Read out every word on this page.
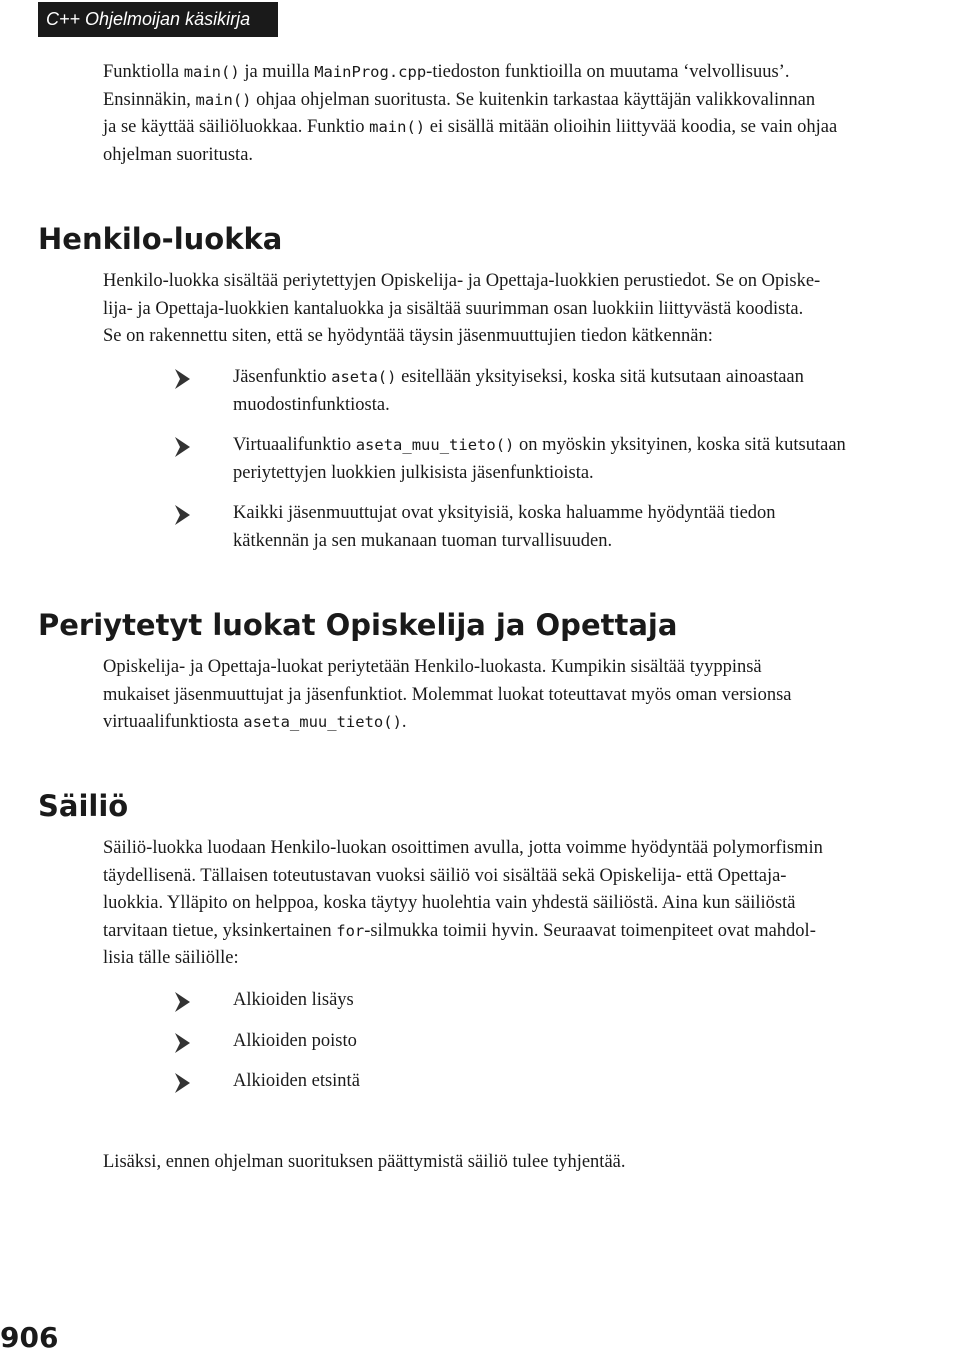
C++ Ohjelmoijan käsikirja
Funktiolla main() ja muilla MainProg.cpp-tiedoston funktioilla on muutama ‘velvollisuus’.
Ensinnäkin, main() ohjaa ohjelman suoritusta. Se kuitenkin tarkastaa käyttäjän valikkovalinnan
ja se käyttää säiliöluokkaa. Funktio main() ei sisällä mitään olioihin liittyvää koodia, se vain ohjaa
ohjelman suoritusta.
Henkilo-luokka
Henkilo-luokka sisältää periytettyjen Opiskelija- ja Opettaja-luokkien perustiedot. Se on Opiske-
lija- ja Opettaja-luokkien kantaluokka ja sisältää suurimman osan luokkiin liittyvästä koodista.
Se on rakennettu siten, että se hyödyntää täysin jäsenmuuttujien tiedon kätkennän:
Jäsenfunktio aseta() esitellään yksityiseksi, koska sitä kutsutaan ainoastaan
muodostinfunktiosta.
Virtuaalifunktio aseta_muu_tieto() on myöskin yksityinen, koska sitä kutsutaan
periytettyjen luokkien julkisista jäsenfunktioista.
Kaikki jäsenmuuttujat ovat yksityisiä, koska haluamme hyödyntää tiedon
kätkennän ja sen mukanaan tuoman turvallisuuden.
Periytetyt luokat Opiskelija ja Opettaja
Opiskelija- ja Opettaja-luokat periytetään Henkilo-luokasta. Kumpikin sisältää tyyppinsä
mukaiset jäsenmuuttujat ja jäsenfunktiot. Molemmat luokat toteuttavat myös oman versionsa
virtuaalifunktiosta aseta_muu_tieto().
Säiliö
Säiliö-luokka luodaan Henkilo-luokan osoittimen avulla, jotta voimme hyödyntää polymorfismin
täydellisenä. Tällaisen toteutustavan vuoksi säiliö voi sisältää sekä Opiskelija- että Opettaja-
luokkia. Ylläpito on helppoa, koska täytyy huolehtia vain yhdestä säiliöstä. Aina kun säiliöstä
tarvitaan tietue, yksinkertainen for-silmukka toimii hyvin. Seuraavat toimenpiteet ovat mahdol-
lisia tälle säiliölle:
Alkioiden lisäys
Alkioiden poisto
Alkioiden etsintä
Lisäksi, ennen ohjelman suorituksen päättymistä säiliö tulee tyhjentää.
906
